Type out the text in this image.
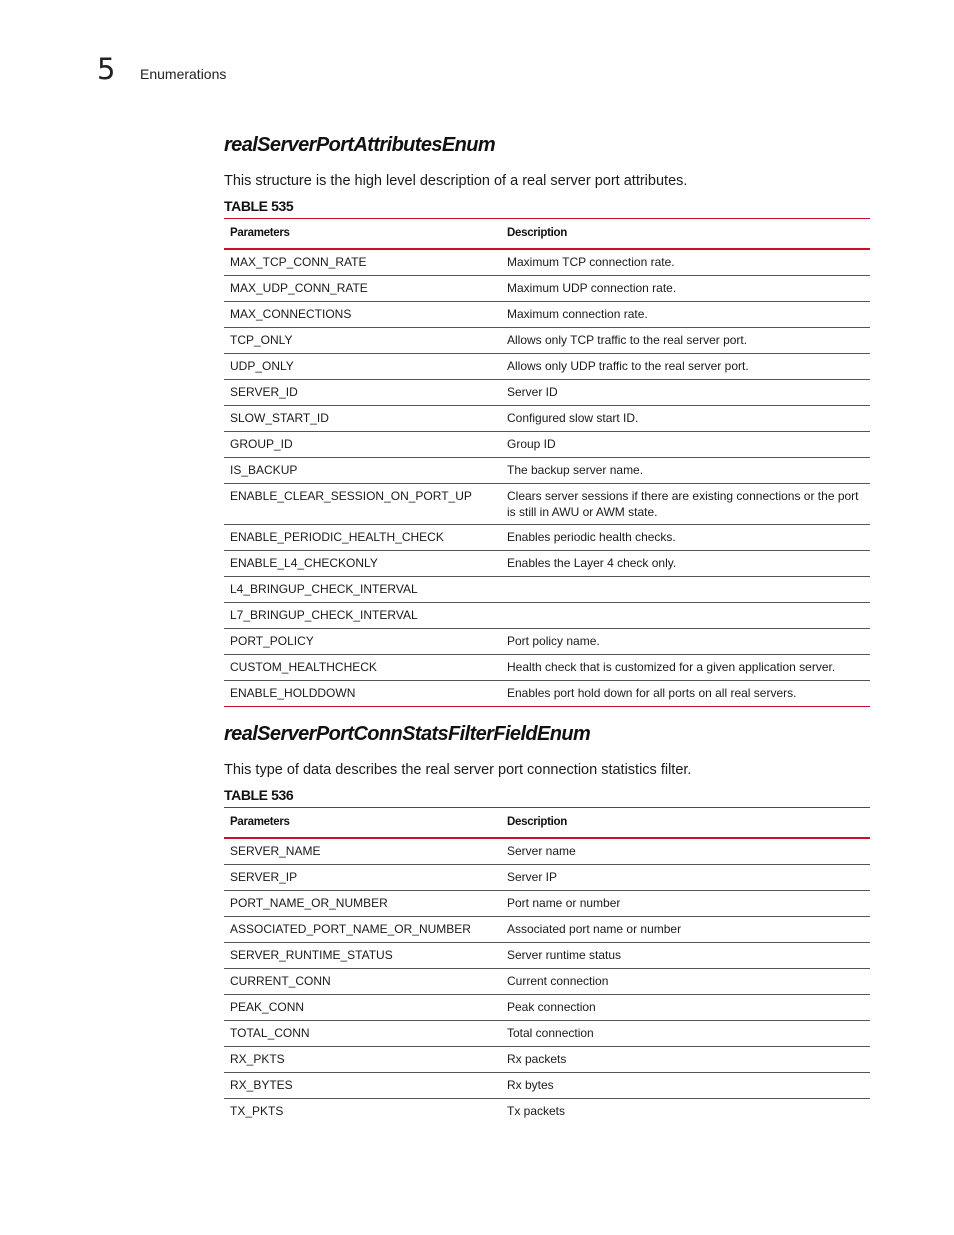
5 Enumerations
realServerPortAttributesEnum

This structure is the high level description of a real server port attributes.

TABLE 535

Parameters	Description
MAX_TCP_CONN_RATE	Maximum TCP connection rate.
MAX_UDP_CONN_RATE	Maximum UDP connection rate.
MAX_CONNECTIONS	Maximum connection rate.
TCP_ONLY	Allows only TCP traffic to the real server port.
UDP_ONLY	Allows only UDP traffic to the real server port.
SERVER_ID	Server ID
SLOW_START_ID	Configured slow start ID.
GROUP_ID	Group ID
IS_BACKUP	The backup server name.
ENABLE_CLEAR_SESSION_ON_PORT_UP	Clears server sessions if there are existing connections or the port is still in AWU or AWM state.
ENABLE_PERIODIC_HEALTH_CHECK	Enables periodic health checks.
ENABLE_L4_CHECKONLY	Enables the Layer 4 check only.
L4_BRINGUP_CHECK_INTERVAL	
L7_BRINGUP_CHECK_INTERVAL	
PORT_POLICY	Port policy name.
CUSTOM_HEALTHCHECK	Health check that is customized for a given application server.
ENABLE_HOLDDOWN	Enables port hold down for all ports on all real servers.
realServerPortConnStatsFilterFieldEnum

This type of data describes the real server port connection statistics filter.

TABLE 536

Parameters	Description
SERVER_NAME	Server name
SERVER_IP	Server IP
PORT_NAME_OR_NUMBER	Port name or number
ASSOCIATED_PORT_NAME_OR_NUMBER	Associated port name or number
SERVER_RUNTIME_STATUS	Server runtime status
CURRENT_CONN	Current connection
PEAK_CONN	Peak connection
TOTAL_CONN	Total connection
RX_PKTS	Rx packets
RX_BYTES	Rx bytes
TX_PKTS	Tx packets
